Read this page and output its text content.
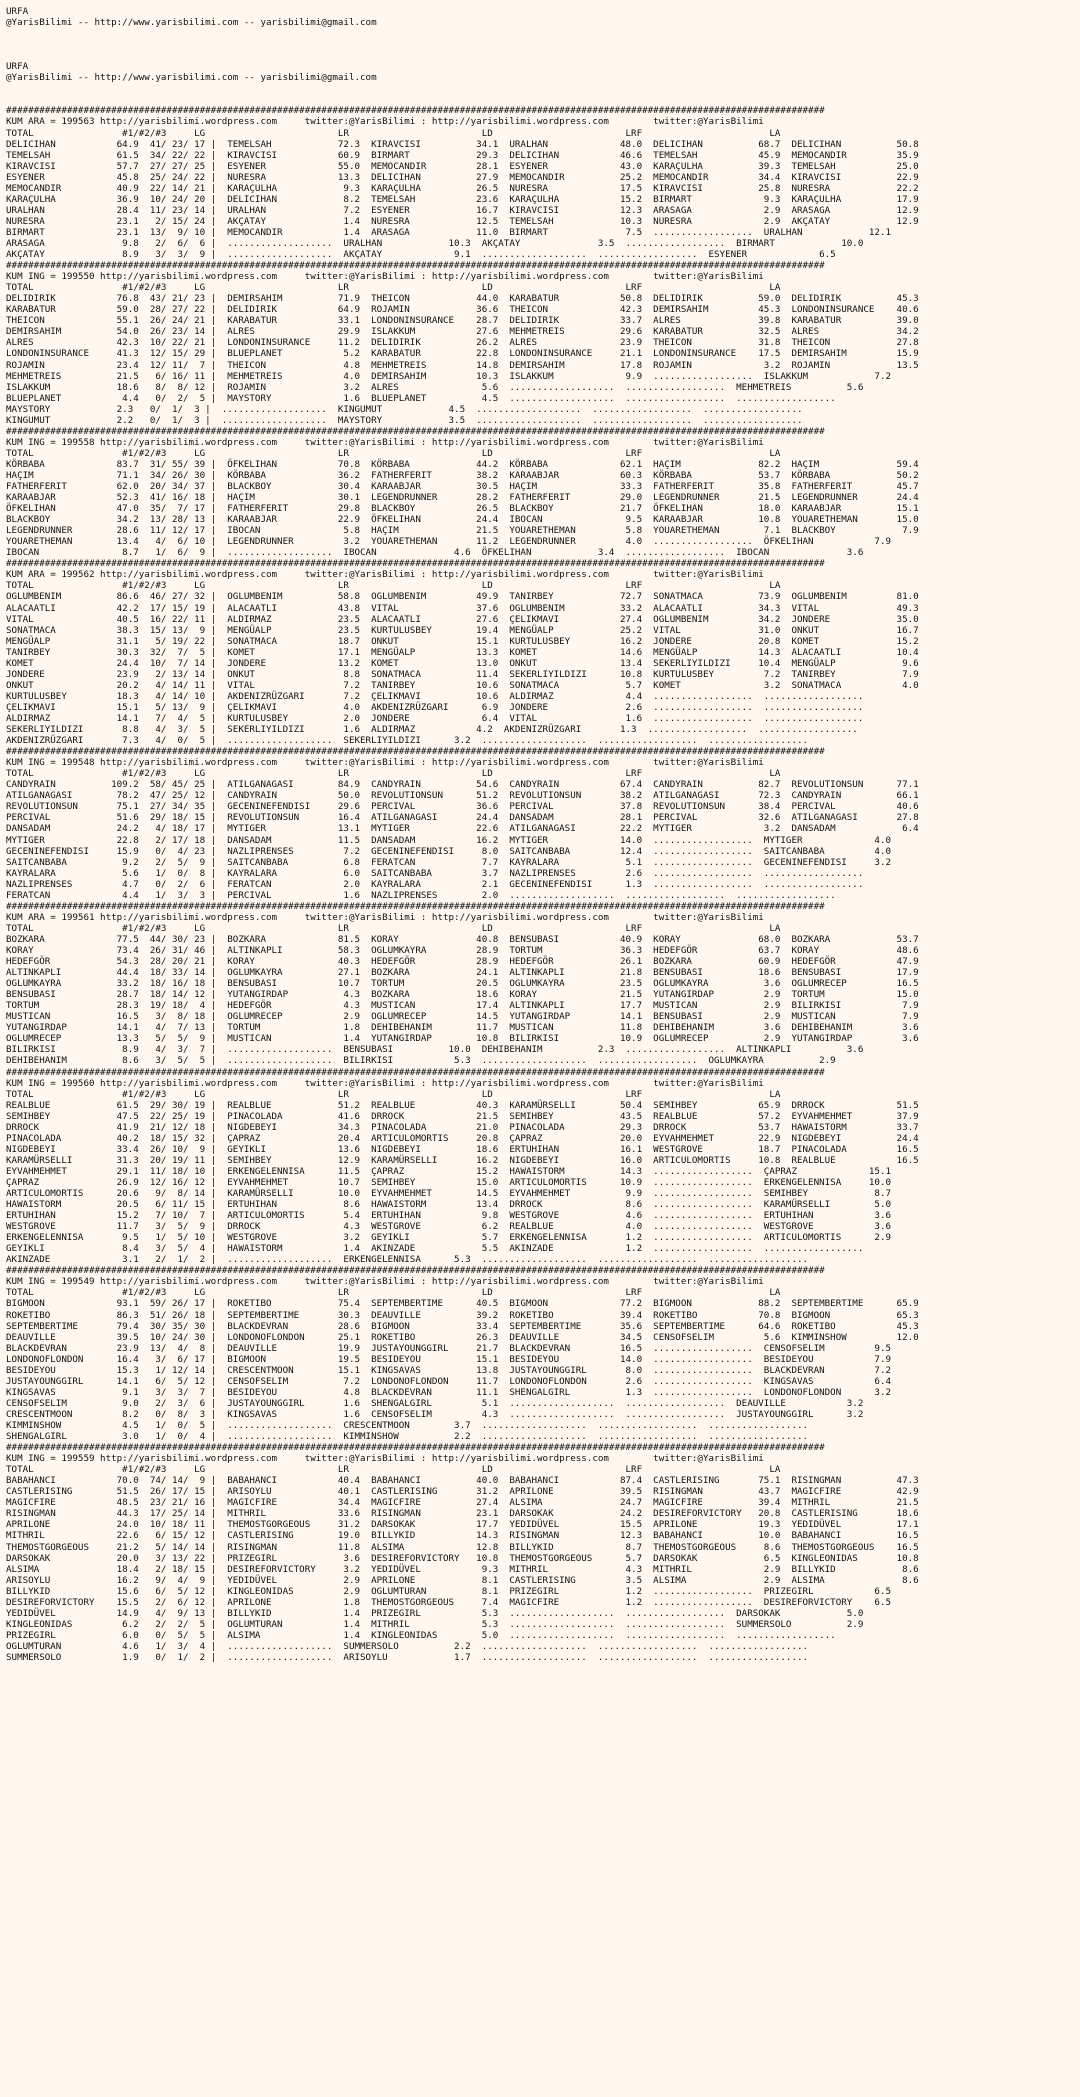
URFA
@YarisBilimi -- http://www.yarisbilimi.com -- yarisbilimi@gmail.com
URFA
@YarisBilimi -- http://www.yarisbilimi.com -- yarisbilimi@gmail.com
####################################################################################################################################################
KUM ARA = 199563 http://yarisbilimi.wordpress.com     twitter:@YarisBilimi : http://yarisbilimi.wordpress.com        twitter:@YarisBilimi
TOTAL                #1/#2/#3     LG                        LR                        LD                        LRF                       LA
DELICIHAN           64.9  41/ 23/ 17 |  TEMELSAH            72.3  KIRAVCISI          34.1  URALHAN             48.0  DELICIHAN          68.7  DELICIHAN          50.8
TEMELSAH            61.5  34/ 22/ 22 |  KIRAVCISI           60.9  BIRMART            29.3  DELICIHAN           46.6  TEMELSAH           45.9  MEMOCANDIR         35.9
KIRAVCISI           57.7  27/ 27/ 25 |  ESYENER             55.0  MEMOCANDIR         28.1  ESYENER             43.0  KARAÇULHA          39.3  TEMELSAH           25.0
ESYENER             45.8  25/ 24/ 22 |  NURESRA             13.3  DELICIHAN          27.9  MEMOCANDIR          25.2  MEMOCANDIR         34.4  KIRAVCISI          22.9
MEMOCANDIR          40.9  22/ 14/ 21 |  KARAÇULHA            9.3  KARAÇULHA          26.5  NURESRA             17.5  KIRAVCISI          25.8  NURESRA            22.2
KARAÇULHA           36.9  10/ 24/ 20 |  DELICIHAN            8.2  TEMELSAH           23.6  KARAÇULHA           15.2  BIRMART             9.3  KARAÇULHA          17.9
URALHAN             28.4  11/ 23/ 14 |  URALHAN              7.2  ESYENER            16.7  KIRAVCISI           12.3  ARASAGA             2.9  ARASAGA            12.9
NURESRA             23.1   2/ 15/ 24 |  AKÇATAY              1.4  NURESRA            12.5  TEMELSAH            10.3  NURESRA             2.9  AKÇATAY            12.9
BIRMART             23.1  13/  9/ 10 |  MEMOCANDIR           1.4  ARASAGA            11.0  BIRMART              7.5  ..................  URALHAN            12.1
ARASAGA              9.8   2/  6/  6 |  ...................  URALHAN            10.3  AKÇATAY              3.5  ..................  BIRMART            10.0
AKÇATAY              8.9   3/  3/  9 |  ...................  AKÇATAY             9.1  ...................  ..................  ESYENER             6.5
####################################################################################################################################################
KUM ING = 199550 http://yarisbilimi.wordpress.com     twitter:@YarisBilimi : http://yarisbilimi.wordpress.com        twitter:@YarisBilimi
TOTAL                #1/#2/#3     LG                        LR                        LD                        LRF                       LA
DELIDIRIK           76.8  43/ 21/ 23 |  DEMIRSAHIM          71.9  THEICON            44.0  KARABATUR           50.8  DELIDIRIK          59.0  DELIDIRIK          45.3
KARABATUR           59.0  28/ 27/ 22 |  DELIDIRIK           64.9  ROJAMIN            36.6  THEICON             42.3  DEMIRSAHIM         45.3  LONDONINSURANCE    40.6
THEICON             55.1  26/ 24/ 21 |  KARABATUR           33.1  LONDONINSURANCE    28.7  DELIDIRIK           33.7  ALRES              39.8  KARABATUR          39.0
DEMIRSAHIM          54.0  26/ 23/ 14 |  ALRES               29.9  ISLAKKUM           27.6  MEHMETREIS          29.6  KARABATUR          32.5  ALRES              34.2
ALRES               42.3  10/ 22/ 21 |  LONDONINSURANCE     11.2  DELIDIRIK          26.2  ALRES               23.9  THEICON            31.8  THEICON            27.8
LONDONINSURANCE     41.3  12/ 15/ 29 |  BLUEPLANET           5.2  KARABATUR          22.8  LONDONINSURANCE     21.1  LONDONINSURANCE    17.5  DEMIRSAHIM         15.9
ROJAMIN             23.4  12/ 11/  7 |  THEICON              4.8  MEHMETREIS         14.8  DEMIRSAHIM          17.8  ROJAMIN             3.2  ROJAMIN            13.5
MEHMETREIS          21.5   6/ 16/ 11 |  MEHMETREIS           4.0  DEMIRSAHIM         10.3  ISLAKKUM             9.9  ..................  ISLAKKUM            7.2
ISLAKKUM            18.6   8/  8/ 12 |  ROJAMIN              3.2  ALRES               5.6  ...................  ..................  MEHMETREIS          5.6
BLUEPLANET           4.4   0/  2/  5 |  MAYSTORY             1.6  BLUEPLANET          4.5  ...................  ..................  ..................
MAYSTORY            2.3   0/  1/  3 |  ...................  KINGUMUT            4.5  ...................  ..................  ..................
KINGUMUT            2.2   0/  1/  3 |  ...................  MAYSTORY            3.5  ...................  ..................  ..................
####################################################################################################################################################
KUM ING = 199558 http://yarisbilimi.wordpress.com     twitter:@YarisBilimi : http://yarisbilimi.wordpress.com        twitter:@YarisBilimi
TOTAL                #1/#2/#3     LG                        LR                        LD                        LRF                       LA
KÖRBABA             83.7  31/ 55/ 39 |  ÖFKELIHAN           70.8  KÖRBABA            44.2  KÖRBABA             62.1  HAÇIM              82.2  HAÇIM              59.4
HAÇIM               71.1  34/ 26/ 30 |  KÖRBABA             36.2  FATHERFERIT        38.2  KARAABJAR           60.3  KÖRBABA            53.7  KÖRBABA            50.2
FATHERFERIT         62.0  20/ 34/ 37 |  BLACKBOY            30.4  KARAABJAR          30.5  HAÇIM               33.3  FATHERFERIT        35.8  FATHERFERIT        45.7
KARAABJAR           52.3  41/ 16/ 18 |  HAÇIM               30.1  LEGENDRUNNER       28.2  FATHERFERIT         29.0  LEGENDRUNNER       21.5  LEGENDRUNNER       24.4
ÖFKELIHAN           47.0  35/  7/ 17 |  FATHERFERIT         29.8  BLACKBOY           26.5  BLACKBOY            21.7  ÖFKELIHAN          18.0  KARAABJAR          15.1
BLACKBOY            34.2  13/ 28/ 13 |  KARAABJAR           22.9  ÖFKELIHAN          24.4  IBOCAN               9.5  KARAABJAR          10.8  YOUARETHEMAN       15.0
LEGENDRUNNER        28.6  11/ 12/ 17 |  IBOCAN               5.8  HAÇIM              21.5  YOUARETHEMAN         5.8  YOUARETHEMAN        7.1  BLACKBOY            7.9
YOUARETHEMAN        13.4   4/  6/ 10 |  LEGENDRUNNER         3.2  YOUARETHEMAN       11.2  LEGENDRUNNER         4.0  ..................  ÖFKELIHAN           7.9
IBOCAN               8.7   1/  6/  9 |  ...................  IBOCAN              4.6  ÖFKELIHAN            3.4  ..................  IBOCAN              3.6
####################################################################################################################################################
KUM ARA = 199562 http://yarisbilimi.wordpress.com     twitter:@YarisBilimi : http://yarisbilimi.wordpress.com        twitter:@YarisBilimi
TOTAL                #1/#2/#3     LG                        LR                        LD                        LRF                       LA
OGLUMBENIM          86.6  46/ 27/ 32 |  OGLUMBENIM          58.8  OGLUMBENIM         49.9  TANIRBEY            72.7  SONATMACA          73.9  OGLUMBENIM         81.0
ALACAATLI           42.2  17/ 15/ 19 |  ALACAATLI           43.8  VITAL              37.6  OGLUMBENIM          33.2  ALACAATLI          34.3  VITAL              49.3
VITAL               40.5  16/ 22/ 11 |  ALDIRMAZ            23.5  ALACAATLI          27.6  ÇELIKMAVI           27.4  OGLUMBENIM         34.2  JONDERE            35.0
SONATMACA           38.3  15/ 13/  9 |  MENGÜALP            23.5  KURTULUSBEY        19.4  MENGÜALP            25.2  VITAL              31.0  ONKUT              16.7
MENGÜALP            31.1   5/ 19/ 22 |  SONATMACA           18.7  ONKUT              15.1  KURTULUSBEY         16.2  JONDERE            20.8  KOMET              15.2
TANIRBEY            30.3  32/  7/  5 |  KOMET               17.1  MENGÜALP           13.3  KOMET               14.6  MENGÜALP           14.3  ALACAATLI          10.4
KOMET               24.4  10/  7/ 14 |  JONDERE             13.2  KOMET              13.0  ONKUT               13.4  SEKERLIYILDIZI     10.4  MENGÜALP            9.6
JONDERE             23.9   2/ 13/ 14 |  ONKUT                8.8  SONATMACA          11.4  SEKERLIYILDIZI      10.8  KURTULUSBEY         7.2  TANIRBEY            7.9
ONKUT               20.2   4/ 14/ 11 |  VITAL                7.2  TANIRBEY           10.6  SONATMACA            5.7  KOMET               3.2  SONATMACA           4.0
KURTULUSBEY         18.3   4/ 14/ 10 |  AKDENIZRÜZGARI       7.2  ÇELIKMAVI          10.6  ALDIRMAZ             4.4  ..................  ..................
ÇELIKMAVI           15.1   5/ 13/  9 |  ÇELIKMAVI            4.0  AKDENIZRÜZGARI      6.9  JONDERE              2.6  ..................  ..................
ALDIRMAZ            14.1   7/  4/  5 |  KURTULUSBEY          2.0  JONDERE             6.4  VITAL                1.6  ..................  ..................
SEKERLIYILDIZI       8.8   4/  3/  5 |  SEKERLIYILDIZI       1.6  ALDIRMAZ           4.2  AKDENIZRÜZGARI       1.3  ..................  ..................
AKDENIZRÜZGARI       7.3   4/  0/  5 |  ...................  SEKERLIYILDIZI      3.2  ...................  ..................  ..................
####################################################################################################################################################
KUM ING = 199548 http://yarisbilimi.wordpress.com     twitter:@YarisBilimi : http://yarisbilimi.wordpress.com        twitter:@YarisBilimi
TOTAL                #1/#2/#3     LG                        LR                        LD                        LRF                       LA
CANDYRAIN          109.2  58/ 45/ 25 |  ATILGANAGASI        84.9  CANDYRAIN          54.6  CANDYRAIN           67.4  CANDYRAIN          82.7  REVOLUTIONSUN      77.1
ATILGANAGASI        78.2  47/ 25/ 12 |  CANDYRAIN           50.0  REVOLUTIONSUN      51.2  REVOLUTIONSUN       38.2  ATILGANAGASI       72.3  CANDYRAIN          66.1
REVOLUTIONSUN       75.1  27/ 34/ 35 |  GECENINEFENDISI     29.6  PERCIVAL           36.6  PERCIVAL            37.8  REVOLUTIONSUN      38.4  PERCIVAL           40.6
PERCIVAL            51.6  29/ 18/ 15 |  REVOLUTIONSUN       16.4  ATILGANAGASI       24.4  DANSADAM            28.1  PERCIVAL           32.6  ATILGANAGASI       27.8
DANSADAM            24.2   4/ 18/ 17 |  MYTIGER             13.1  MYTIGER            22.6  ATILGANAGASI        22.2  MYTIGER             3.2  DANSADAM            6.4
MYTIGER             22.8   2/ 17/ 18 |  DANSADAM            11.5  DANSADAM           16.2  MYTIGER             14.0  ..................  MYTIGER             4.0
GECENINEFENDISI     15.9   0/  4/ 23 |  NAZLIPRENSES         7.2  GECENINEFENDISI     8.0  SAITCANBABA         12.4  ..................  SAITCANBABA         4.0
SAITCANBABA          9.2   2/  5/  9 |  SAITCANBABA          6.8  FERATCAN            7.7  KAYRALARA            5.1  ..................  GECENINEFENDISI     3.2
KAYRALARA            5.6   1/  0/  8 |  KAYRALARA            6.0  SAITCANBABA         3.7  NAZLIPRENSES         2.6  ..................  ..................
NAZLIPRENSES         4.7   0/  2/  6 |  FERATCAN             2.0  KAYRALARA           2.1  GECENINEFENDISI      1.3  ..................  ..................
FERATCAN             4.4   1/  3/  3 |  PERCIVAL             1.6  NAZLIPRENSES        2.0  ...................  ..................  ..................
####################################################################################################################################################
KUM ARA = 199561 http://yarisbilimi.wordpress.com     twitter:@YarisBilimi : http://yarisbilimi.wordpress.com        twitter:@YarisBilimi
TOTAL                #1/#2/#3     LG                        LR                        LD                        LRF                       LA
BOZKARA             77.5  44/ 30/ 23 |  BOZKARA             81.5  KORAY              40.8  BENSUBASI           40.9  KORAY              68.0  BOZKARA            53.7
KORAY               73.4  26/ 31/ 46 |  ALTINKAPLI          58.3  OGLUMKAYRA         28.9  TORTUM              36.3  HEDEFGÖR           63.7  KORAY              48.6
HEDEFGÖR            54.3  28/ 20/ 21 |  KORAY               40.3  HEDEFGÖR           28.9  HEDEFGÖR            26.1  BOZKARA            60.9  HEDEFGÖR           47.9
ALTINKAPLI          44.4  18/ 33/ 14 |  OGLUMKAYRA          27.1  BOZKARA            24.1  ALTINKAPLI          21.8  BENSUBASI          18.6  BENSUBASI          17.9
OGLUMKAYRA          33.2  18/ 16/ 18 |  BENSUBASI           10.7  TORTUM             20.5  OGLUMKAYRA          23.5  OGLUMKAYRA          3.6  OGLUMRECEP         16.5
BENSUBASI           28.7  18/ 14/ 12 |  YUTANGIRDAP          4.3  BOZKARA            18.6  KORAY               21.5  YUTANGIRDAP         2.9  TORTUM             15.0
TORTUM              28.3  19/ 18/  4 |  HEDEFGÖR             4.3  MUSTICAN           17.4  ALTINKAPLI          17.7  MUSTICAN            2.9  BILIRKISI           7.9
MUSTICAN            16.5   3/  8/ 18 |  OGLUMRECEP           2.9  OGLUMRECEP         14.5  YUTANGIRDAP         14.1  BENSUBASI           2.9  MUSTICAN            7.9
YUTANGIRDAP         14.1   4/  7/ 13 |  TORTUM               1.8  DEHIBEHANIM        11.7  MUSTICAN            11.8  DEHIBEHANIM         3.6  DEHIBEHANIM         3.6
OGLUMRECEP          13.3   5/  5/  9 |  MUSTICAN             1.4  YUTANGIRDAP        10.8  BILIRKISI           10.9  OGLUMRECEP          2.9  YUTANGIRDAP         3.6
BILIRKISI            8.9   4/  3/  7 |  ...................  BENSUBASI          10.0  DEHIBEHANIM          2.3  ..................  ALTINKAPLI          3.6
DEHIBEHANIM          8.6   3/  5/  5 |  ...................  BILIRKISI           5.3  ...................  ..................  OGLUMKAYRA          2.9
####################################################################################################################################################
KUM ING = 199560 http://yarisbilimi.wordpress.com     twitter:@YarisBilimi : http://yarisbilimi.wordpress.com        twitter:@YarisBilimi
TOTAL                #1/#2/#3     LG                        LR                        LD                        LRF                       LA
REALBLUE            61.5  29/ 30/ 19 |  REALBLUE            51.2  REALBLUE           40.3  KARAMÜRSELLI        50.4  SEMIHBEY           65.9  DRROCK             51.5
SEMIHBEY            47.5  22/ 25/ 19 |  PINACOLADA          41.6  DRROCK             21.5  SEMIHBEY            43.5  REALBLUE           57.2  EYVAHMEHMET        37.9
DRROCK              41.9  21/ 12/ 18 |  NIGDEBEYI           34.3  PINACOLADA         21.0  PINACOLADA          29.3  DRROCK             53.7  HAWAISTORM         33.7
PINACOLADA          40.2  18/ 15/ 32 |  ÇAPRAZ              20.4  ARTICULOMORTIS     20.8  ÇAPRAZ              20.0  EYVAHMEHMET        22.9  NIGDEBEYI          24.4
NIGDEBEYI           33.4  26/ 10/  9 |  GEYIKLI             13.6  NIGDEBEYI          18.6  ERTUHIHAN           16.1  WESTGROVE          18.7  PINACOLADA         16.5
KARAMÜRSELLI        31.3  20/ 19/ 11 |  SEMIHBEY            12.9  KARAMÜRSELLI       16.2  NIGDEBEYI           16.0  ARTICULOMORTIS     10.8  REALBLUE           16.5
EYVAHMEHMET         29.1  11/ 18/ 10 |  ERKENGELENNISA      11.5  ÇAPRAZ             15.2  HAWAISTORM          14.3  ..................  ÇAPRAZ             15.1
ÇAPRAZ              26.9  12/ 16/ 12 |  EYVAHMEHMET         10.7  SEMIHBEY           15.0  ARTICULOMORTIS      10.9  ..................  ERKENGELENNISA     10.0
ARTICULOMORTIS      20.6   9/  8/ 14 |  KARAMÜRSELLI        10.0  EYVAHMEHMET        14.5  EYVAHMEHMET          9.9  ..................  SEMIHBEY            8.7
HAWAISTORM          20.5   6/ 11/ 15 |  ERTUHIHAN            8.6  HAWAISTORM         13.4  DRROCK               8.6  ..................  KARAMÜRSELLI        5.0
ERTUHIHAN           15.2   7/ 10/  7 |  ARTICULOMORTIS       5.4  ERTUHIHAN           9.8  WESTGROVE            4.6  ..................  ERTUHIHAN           3.6
WESTGROVE           11.7   3/  5/  9 |  DRROCK               4.3  WESTGROVE           6.2  REALBLUE             4.0  ..................  WESTGROVE           3.6
ERKENGELENNISA       9.5   1/  5/ 10 |  WESTGROVE            3.2  GEYIKLI             5.7  ERKENGELENNISA       1.2  ..................  ARTICULOMORTIS      2.9
GEYIKLI              8.4   3/  5/  4 |  HAWAISTORM           1.4  AKINZADE            5.5  AKINZADE             1.2  ..................  ..................
AKINZADE             3.1   2/  1/  2 |  ...................  ERKENGELENNISA      5.3  ...................  ..................  ..................
####################################################################################################################################################
KUM ING = 199549 http://yarisbilimi.wordpress.com     twitter:@YarisBilimi : http://yarisbilimi.wordpress.com        twitter:@YarisBilimi
TOTAL                #1/#2/#3     LG                        LR                        LD                        LRF                       LA
BIGMOON             93.1  59/ 26/ 17 |  ROKETIBO            75.4  SEPTEMBERTIME      40.5  BIGMOON             77.2  BIGMOON            88.2  SEPTEMBERTIME      65.9
ROKETIBO            86.3  51/ 26/ 18 |  SEPTEMBERTIME       30.3  DEAUVILLE          39.2  ROKETIBO            39.4  ROKETIBO           70.8  BIGMOON            65.3
SEPTEMBERTIME       79.4  30/ 35/ 30 |  BLACKDEVRAN         28.6  BIGMOON            33.4  SEPTEMBERTIME       35.6  SEPTEMBERTIME      64.6  ROKETIBO           45.3
DEAUVILLE           39.5  10/ 24/ 30 |  LONDONOFLONDON      25.1  ROKETIBO           26.3  DEAUVILLE           34.5  CENSOFSELIM         5.6  KIMMINSHOW         12.0
BLACKDEVRAN         23.9  13/  4/  8 |  DEAUVILLE           19.9  JUSTAYOUNGGIRL     21.7  BLACKDEVRAN         16.5  ..................  CENSOFSELIM         9.5
LONDONOFLONDON      16.4   3/  6/ 17 |  BIGMOON             19.5  BESIDEYOU          15.1  BESIDEYOU           14.0  ..................  BESIDEYOU           7.9
BESIDEYOU           15.3   1/ 12/ 14 |  CRESCENTMOON        15.1  KINGSAVAS          13.8  JUSTAYOUNGGIRL       8.0  ..................  BLACKDEVRAN         7.2
JUSTAYOUNGGIRL      14.1   6/  5/ 12 |  CENSOFSELIM          7.2  LONDONOFLONDON     11.7  LONDONOFLONDON       2.6  ..................  KINGSAVAS           6.4
KINGSAVAS            9.1   3/  3/  7 |  BESIDEYOU            4.8  BLACKDEVRAN        11.1  SHENGALGIRL          1.3  ..................  LONDONOFLONDON      3.2
CENSOFSELIM          9.0   2/  3/  6 |  JUSTAYOUNGGIRL       1.6  SHENGALGIRL         5.1  ...................  ..................  DEAUVILLE           3.2
CRESCENTMOON         8.2   0/  8/  3 |  KINGSAVAS            1.6  CENSOFSELIM         4.3  ...................  ..................  JUSTAYOUNGGIRL      3.2
KIMMINSHOW           4.5   1/  0/  5 |  ...................  CRESCENTMOON        3.7  ...................  ..................  ..................
SHENGALGIRL          3.0   1/  0/  4 |  ...................  KIMMINSHOW          2.2  ...................  ..................  ..................
####################################################################################################################################################
KUM ING = 199559 http://yarisbilimi.wordpress.com     twitter:@YarisBilimi : http://yarisbilimi.wordpress.com        twitter:@YarisBilimi
TOTAL                #1/#2/#3     LG                        LR                        LD                        LRF                       LA
BABAHANCI           70.0  74/ 14/  9 |  BABAHANCI           40.4  BABAHANCI          40.0  BABAHANCI           87.4  CASTLERISING       75.1  RISINGMAN          47.3
CASTLERISING        51.5  26/ 17/ 15 |  ARISOYLU            40.1  CASTLERISING       31.2  APRILONE            39.5  RISINGMAN          43.7  MAGICFIRE          42.9
MAGICFIRE           48.5  23/ 21/ 16 |  MAGICFIRE           34.4  MAGICFIRE          27.4  ALSIMA              24.7  MAGICFIRE          39.4  MITHRIL            21.5
RISINGMAN           44.3  17/ 25/ 14 |  MITHRIL             33.6  RISINGMAN          23.1  DARSOKAK            24.2  DESIREFORVICTORY   20.8  CASTLERISING       18.6
APRILONE            24.0  10/ 18/ 11 |  THEMOSTGORGEOUS     31.2  DARSOKAK           17.7  YEDIDÜVEL           15.5  APRILONE           19.3  YEDIDÜVEL          17.1
MITHRIL             22.6   6/ 15/ 12 |  CASTLERISING        19.0  BILLYKID           14.3  RISINGMAN           12.3  BABAHANCI          10.0  BABAHANCI          16.5
THEMOSTGORGEOUS     21.2   5/ 14/ 14 |  RISINGMAN           11.8  ALSIMA             12.8  BILLYKID             8.7  THEMOSTGORGEOUS     8.6  THEMOSTGORGEOUS    16.5
DARSOKAK            20.0   3/ 13/ 22 |  PRIZEGIRL            3.6  DESIREFORVICTORY   10.8  THEMOSTGORGEOUS      5.7  DARSOKAK            6.5  KINGLEONIDAS       10.8
ALSIMA              18.4   2/ 18/ 15 |  DESIREFORVICTORY     3.2  YEDIDÜVEL           9.3  MITHRIL              4.3  MITHRIL             2.9  BILLYKID            8.6
ARISOYLU            16.2   9/  4/  9 |  YEDIDÜVEL            2.9  APRILONE            8.1  CASTLERISING         3.5  ALSIMA              2.9  ALSIMA              8.6
BILLYKID            15.6   6/  5/ 12 |  KINGLEONIDAS         2.9  OGLUMTURAN          8.1  PRIZEGIRL            1.2  ..................  PRIZEGIRL           6.5
DESIREFORVICTORY    15.5   2/  6/ 12 |  APRILONE             1.8  THEMOSTGORGEOUS     7.4  MAGICFIRE            1.2  ..................  DESIREFORVICTORY    6.5
YEDIDÜVEL           14.9   4/  9/ 13 |  BILLYKID             1.4  PRIZEGIRL           5.3  ...................  ..................  DARSOKAK            5.0
KINGLEONIDAS         6.2   2/  2/  5 |  OGLUMTURAN           1.4  MITHRIL             5.3  ...................  ..................  SUMMERSOLO          2.9
PRIZEGIRL            6.0   0/  5/  5 |  ALSIMA               1.4  KINGLEONIDAS        5.0  ...................  ..................  ..................
OGLUMTURAN           4.6   1/  3/  4 |  ...................  SUMMERSOLO          2.2  ...................  ..................  ..................
SUMMERSOLO           1.9   0/  1/  2 |  ...................  ARISOYLU            1.7  ...................  ..................  ..................
